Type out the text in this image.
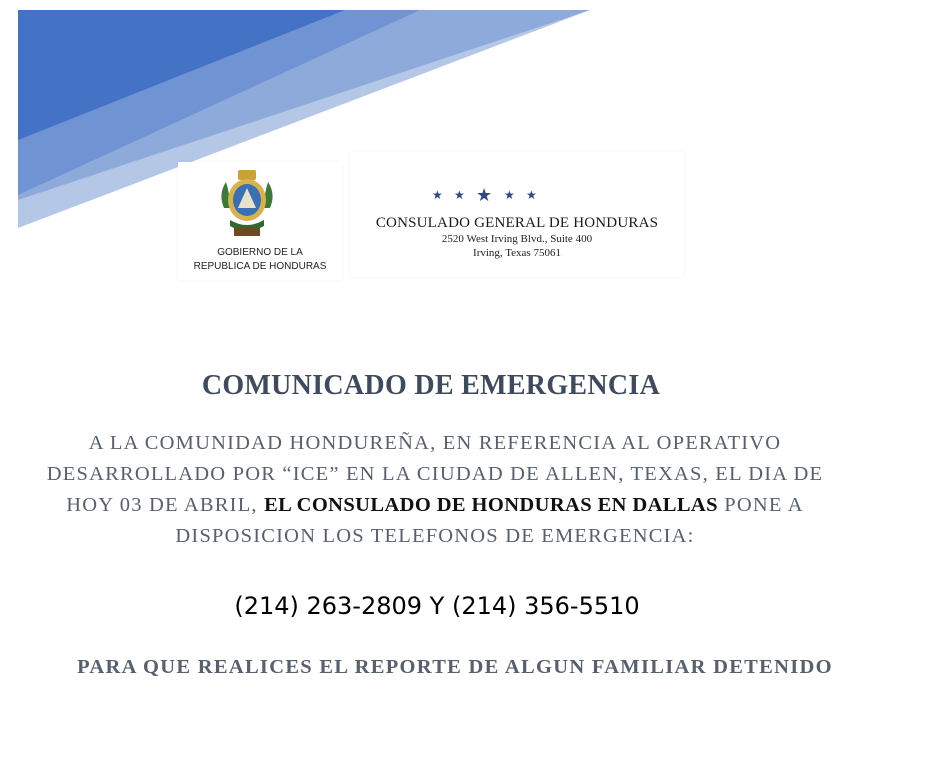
GOBIERNO DE LA
REPUBLICA DE HONDURAS
★ ★ ★ ★ ★
CONSULADO GENERAL DE HONDURAS
2520 West Irving Blvd., Suite 400
Irving, Texas 75061
COMUNICADO DE EMERGENCIA
A LA COMUNIDAD HONDUREÑA, EN REFERENCIA AL OPERATIVO DESARROLLADO POR “ICE” EN LA CIUDAD DE ALLEN, TEXAS, EL DIA DE HOY 03 DE ABRIL, EL CONSULADO DE HONDURAS EN DALLAS PONE A DISPOSICION LOS TELEFONOS DE EMERGENCIA:
(214) 263-2809 Y (214) 356-5510
PARA QUE REALICES EL REPORTE DE ALGUN FAMILIAR DETENIDO
